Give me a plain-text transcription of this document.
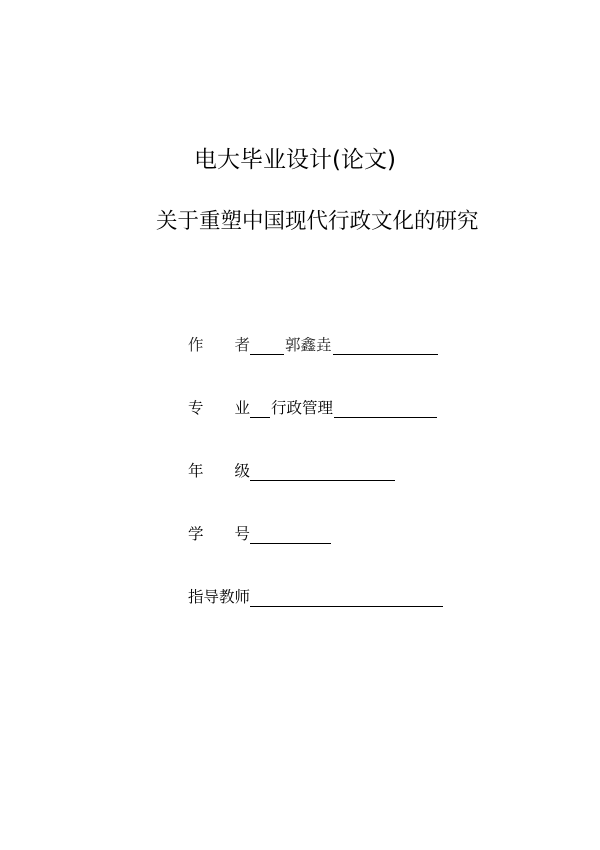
电大毕业设计(论文)
关于重塑中国现代行政文化的研究
作 者 郭鑫垚
专 业 行政管理
年 级
学 号
指导教师
